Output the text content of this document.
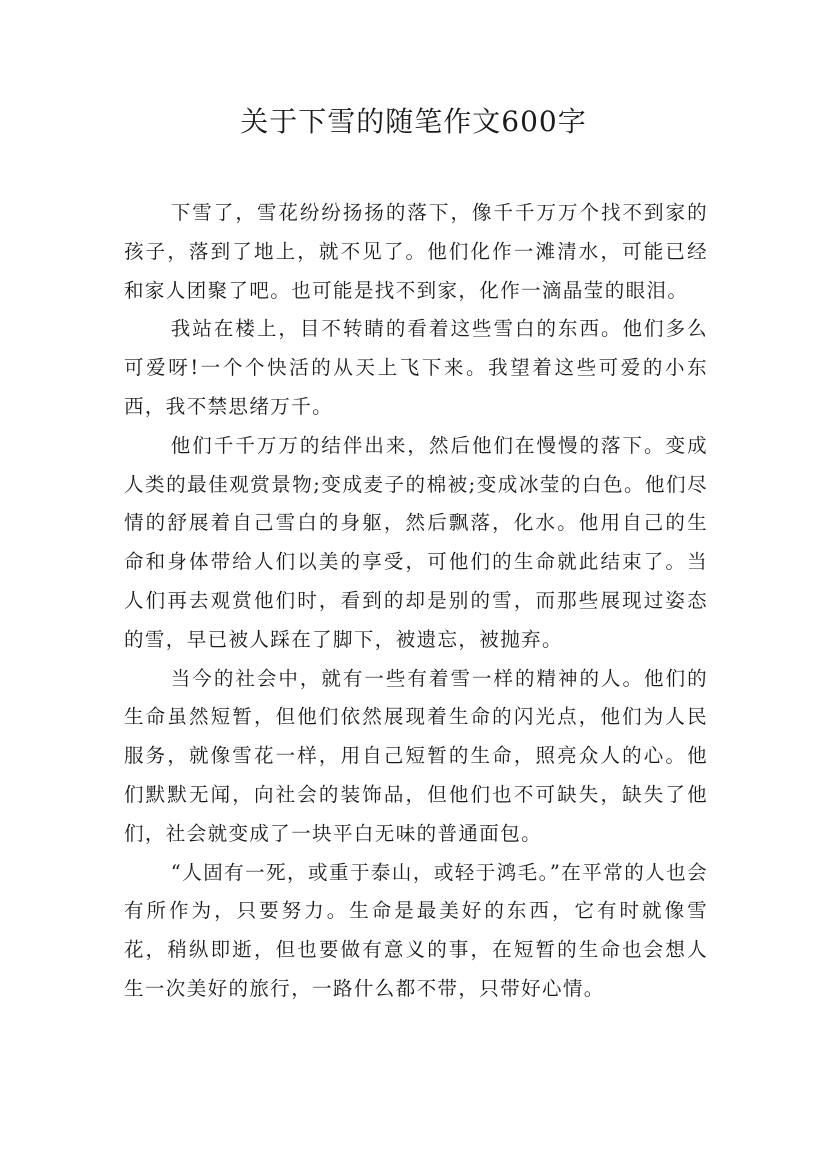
关于下雪的随笔作文600字

下雪了，雪花纷纷扬扬的落下，像千千万万个找不到家的孩子，落到了地上，就不见了。他们化作一滩清水，可能已经和家人团聚了吧。也可能是找不到家，化作一滴晶莹的眼泪。

我站在楼上，目不转睛的看着这些雪白的东西。他们多么可爱呀!一个个快活的从天上飞下来。我望着这些可爱的小东西，我不禁思绪万千。

他们千千万万的结伴出来，然后他们在慢慢的落下。变成人类的最佳观赏景物;变成麦子的棉被;变成冰莹的白色。他们尽情的舒展着自己雪白的身躯，然后飘落，化水。他用自己的生命和身体带给人们以美的享受，可他们的生命就此结束了。当人们再去观赏他们时，看到的却是别的雪，而那些展现过姿态的雪，早已被人踩在了脚下，被遗忘，被抛弃。

当今的社会中，就有一些有着雪一样的精神的人。他们的生命虽然短暂，但他们依然展现着生命的闪光点，他们为人民服务，就像雪花一样，用自己短暂的生命，照亮众人的心。他们默默无闻，向社会的装饰品，但他们也不可缺失，缺失了他们，社会就变成了一块平白无味的普通面包。

“人固有一死，或重于泰山，或轻于鸿毛。”在平常的人也会有所作为，只要努力。生命是最美好的东西，它有时就像雪花，稍纵即逝，但也要做有意义的事，在短暂的生命也会想人生一次美好的旅行，一路什么都不带，只带好心情。
